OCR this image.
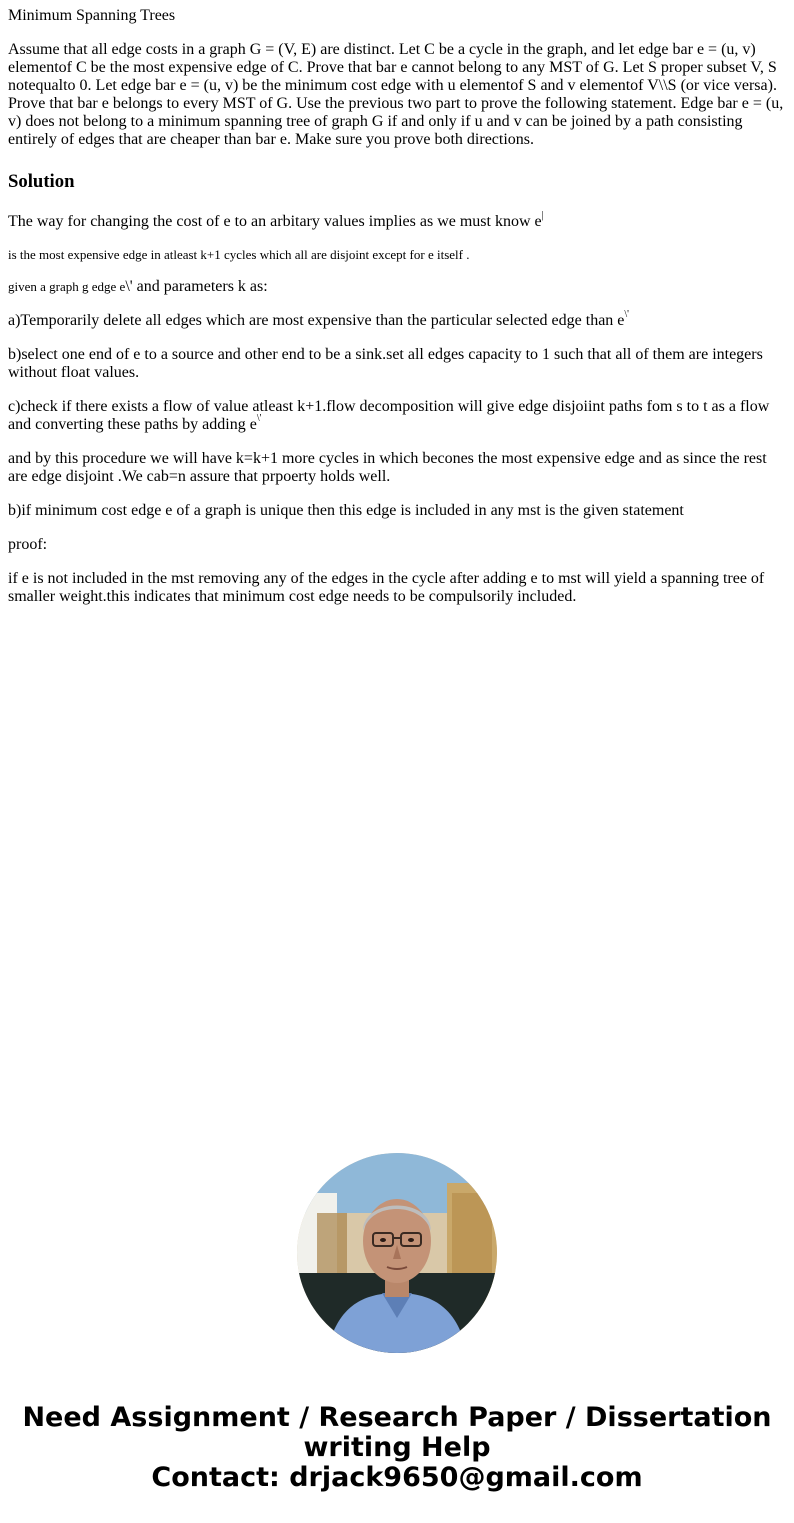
Minimum Spanning Trees

Assume that all edge costs in a graph G = (V, E) are distinct. Let C be a cycle in the graph, and let edge bar e = (u, v) elementof C be the most expensive edge of C. Prove that bar e cannot belong to any MST of G. Let S proper subset V, S notequalto 0. Let edge bar e = (u, v) be the minimum cost edge with u elementof S and v elementof V\\S (or vice versa). Prove that bar e belongs to every MST of G. Use the previous two part to prove the following statement. Edge bar e = (u, v) does not belong to a minimum spanning tree of graph G if and only if u and v can be joined by a path consisting entirely of edges that are cheaper than bar e. Make sure you prove both directions.

Solution

The way for changing the cost of e to an arbitary values implies as we must know e|

is the most expensive edge in atleast k+1 cycles which all are disjoint except for e itself .

given a graph g edge e\' and parameters k as:

a)Temporarily delete all edges which are most expensive than the particular selected edge than e\'

b)select one end of e to a source and other end to be a sink.set all edges capacity to 1 such that all of them are integers without float values.

c)check if there exists a flow of value atleast k+1.flow decomposition will give edge disjoiint paths fom s to t as a flow and converting these paths by adding e\'

and by this procedure we will have k=k+1 more cycles in which becones the most expensive edge and as since the rest are edge disjoint .We cab=n assure that prpoerty holds well.

b)if minimum cost edge e of a graph is unique then this edge is included in any mst is the given statement

proof:

if e is not included in the mst removing any of the edges in the cycle after adding e to mst will yield a spanning tree of smaller weight.this indicates that minimum cost edge needs to be compulsorily included.

Need Assignment / Research Paper / Dissertation
writing Help
Contact: drjack9650@gmail.com
